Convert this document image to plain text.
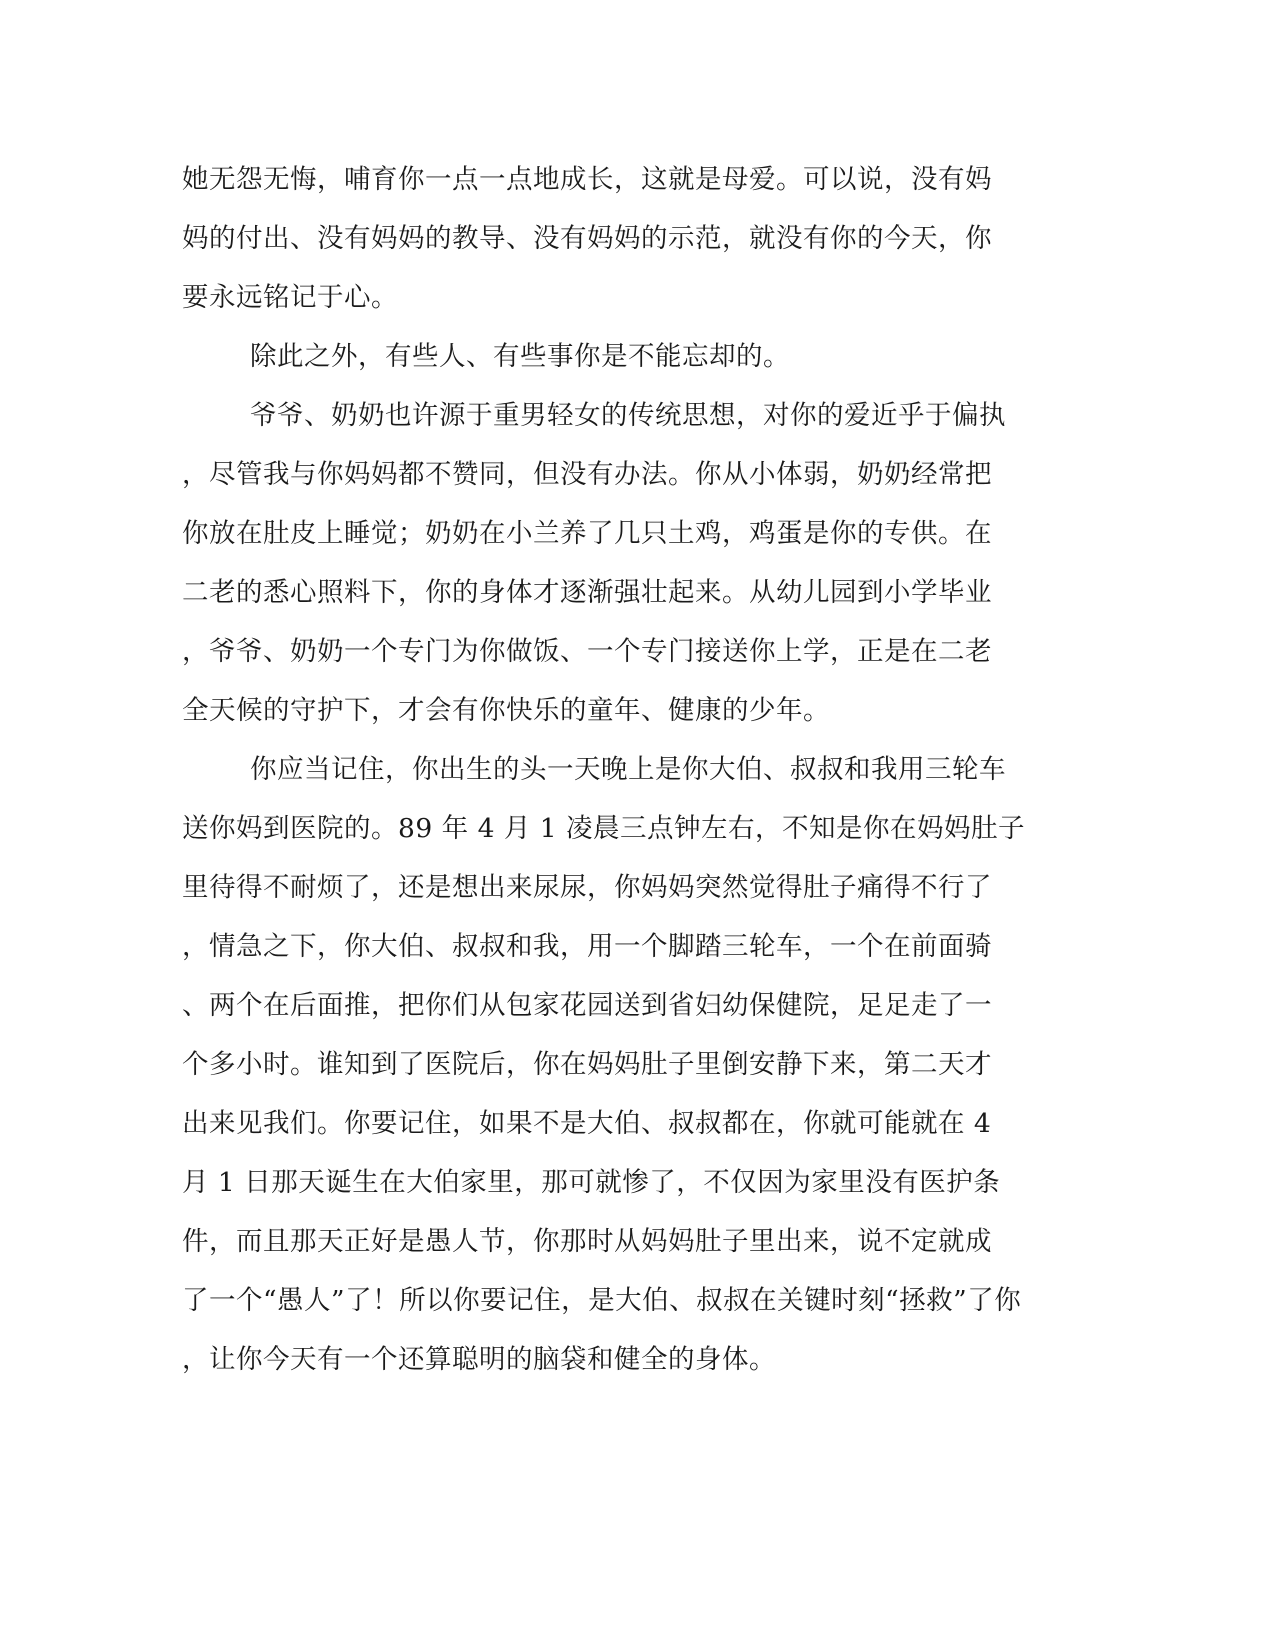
她无怨无悔，哺育你一点一点地成长，这就是母爱。可以说，没有妈
妈的付出、没有妈妈的教导、没有妈妈的示范，就没有你的今天，你
要永远铭记于心。
除此之外，有些人、有些事你是不能忘却的。
爷爷、奶奶也许源于重男轻女的传统思想，对你的爱近乎于偏执
，尽管我与你妈妈都不赞同，但没有办法。你从小体弱，奶奶经常把
你放在肚皮上睡觉；奶奶在小兰养了几只土鸡，鸡蛋是你的专供。在
二老的悉心照料下，你的身体才逐渐强壮起来。从幼儿园到小学毕业
，爷爷、奶奶一个专门为你做饭、一个专门接送你上学，正是在二老
全天候的守护下，才会有你快乐的童年、健康的少年。
你应当记住，你出生的头一天晚上是你大伯、叔叔和我用三轮车
送你妈到医院的。89 年 4 月 1 凌晨三点钟左右，不知是你在妈妈肚子
里待得不耐烦了，还是想出来尿尿，你妈妈突然觉得肚子痛得不行了
，情急之下，你大伯、叔叔和我，用一个脚踏三轮车，一个在前面骑
、两个在后面推，把你们从包家花园送到省妇幼保健院，足足走了一
个多小时。谁知到了医院后，你在妈妈肚子里倒安静下来，第二天才
出来见我们。你要记住，如果不是大伯、叔叔都在，你就可能就在 4
月 1 日那天诞生在大伯家里，那可就惨了，不仅因为家里没有医护条
件，而且那天正好是愚人节，你那时从妈妈肚子里出来，说不定就成
了一个“愚人”了！所以你要记住，是大伯、叔叔在关键时刻“拯救”了你
，让你今天有一个还算聪明的脑袋和健全的身体。
